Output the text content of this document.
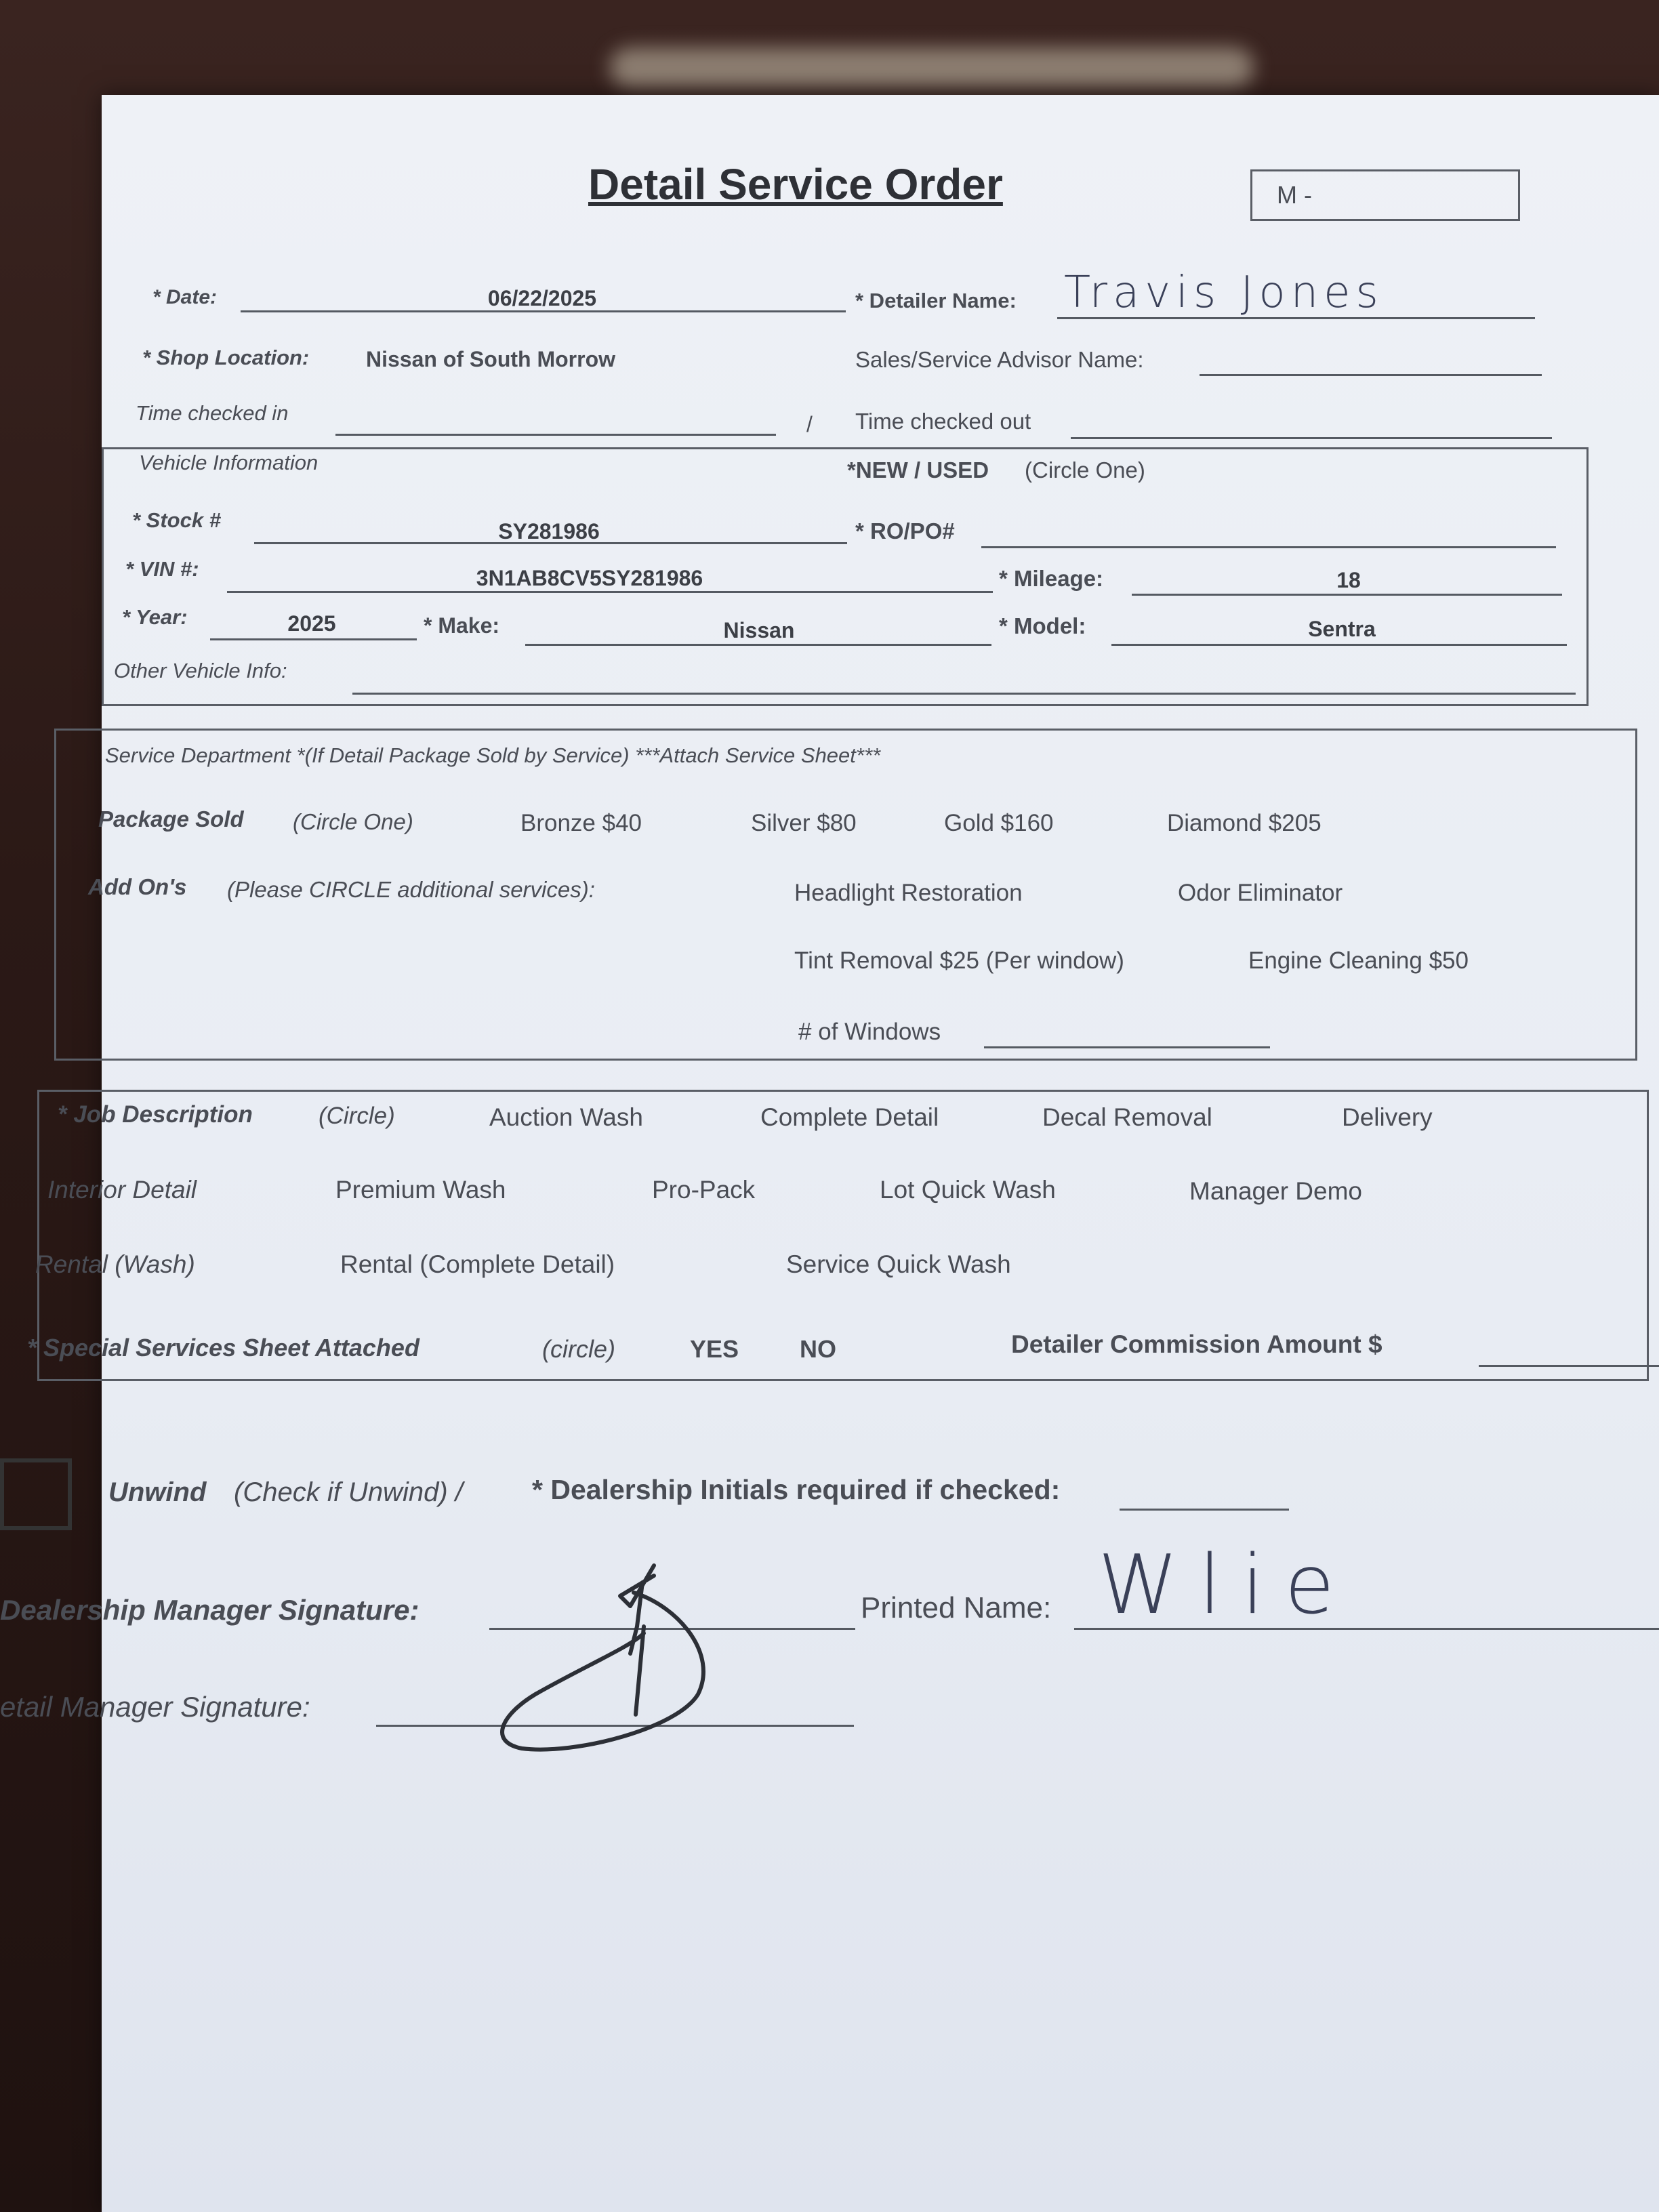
Detail Service Order	M -
* Date:	06/22/2025	* Detailer Name: Travis Jones
* Shop Location:	Nissan of South Morrow	Sales/Service Advisor Name:
Time checked in	/ Time checked out
Vehicle Information	*NEW / USED (Circle One)
* Stock #	SY281986	* RO/PO#
* VIN #:	3N1AB8CV5SY281986	* Mileage:	18
* Year:	2025	* Make:	Nissan	* Model:	Sentra
Other Vehicle Info:
Service Department *(If Detail Package Sold by Service) ***Attach Service Sheet***
Package Sold (Circle One)	Bronze $40	Silver $80	Gold $160	Diamond $205
Add On's (Please CIRCLE additional services):	Headlight Restoration	Odor Eliminator
Tint Removal $25 (Per window)	Engine Cleaning $50
# of Windows
* Job Description	(Circle)	Auction Wash	Complete Detail	Decal Removal	Delivery
Interior Detail	Premium Wash	Pro-Pack	Lot Quick Wash	Manager Demo
Rental (Wash)	Rental (Complete Detail)	Service Quick Wash
* Special Services Sheet Attached	(circle)	YES NO	Detailer Commission Amount $
Unwind (Check if Unwind) / * Dealership Initials required if checked:
Dealership Manager Signature:	Printed Name: Wlie
etail Manager Signature:
